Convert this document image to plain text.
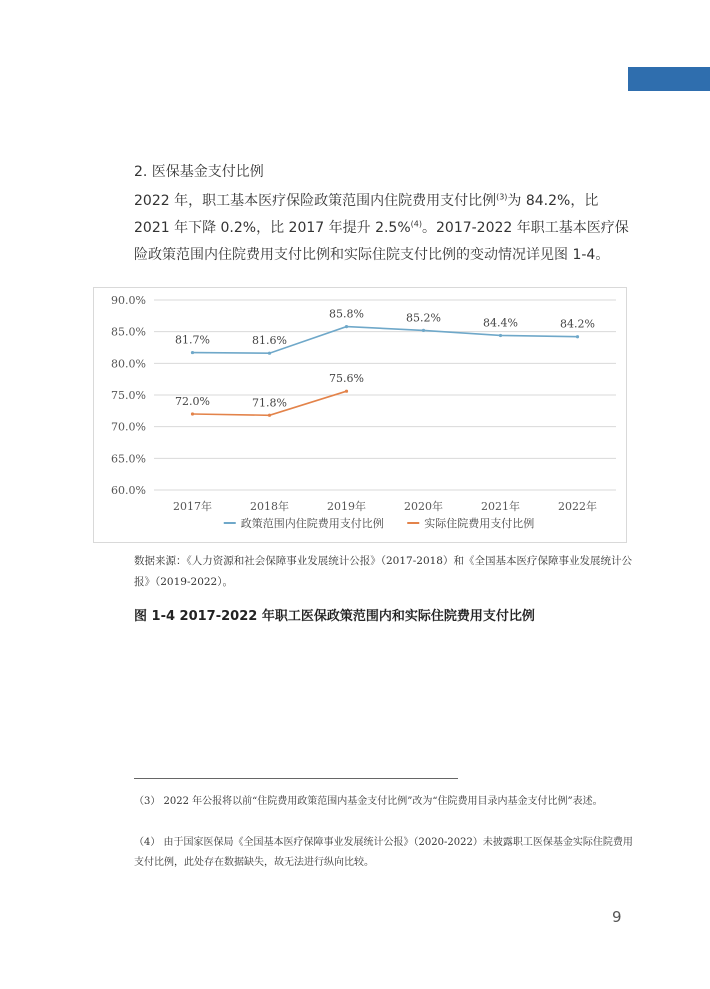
2. 医保基金支付比例
2022 年，职工基本医疗保险政策范围内住院费用支付比例$^{(3)}$为 84.2%，比 2021 年下降 0.2%，比 2017 年提升 2.5%$^{(4)}$。2017-2022 年职工基本医疗保险政策范围内住院费用支付比例和实际住院支付比例的变动情况详见图 1-4。
90.0%
85.0%
80.0%
75.0%
70.0%
65.0%
60.0%
2017年	2018年	2019年	2020年	2021年	2022年
81.7%	81.6%
85.8%	85.2%	84.4%	84.2%
72.0%	71.8%
75.6%
政策范围内住院费用支付比例	实际住院费用支付比例
数据来源：《人力资源和社会保障事业发展统计公报》（2017-2018）和《全国基本医疗保障事业发展统计公报》（2019-2022）。
图 1-4 2017-2022 年职工医保政策范围内和实际住院费用支付比例
（3） 2022 年公报将以前“住院费用政策范围内基金支付比例”改为“住院费用目录内基金支付比例”表述。
（4） 由于国家医保局《全国基本医疗保障事业发展统计公报》（2020-2022）未披露职工医保基金实际住院费用支付比例，此处存在数据缺失，故无法进行纵向比较。
9
